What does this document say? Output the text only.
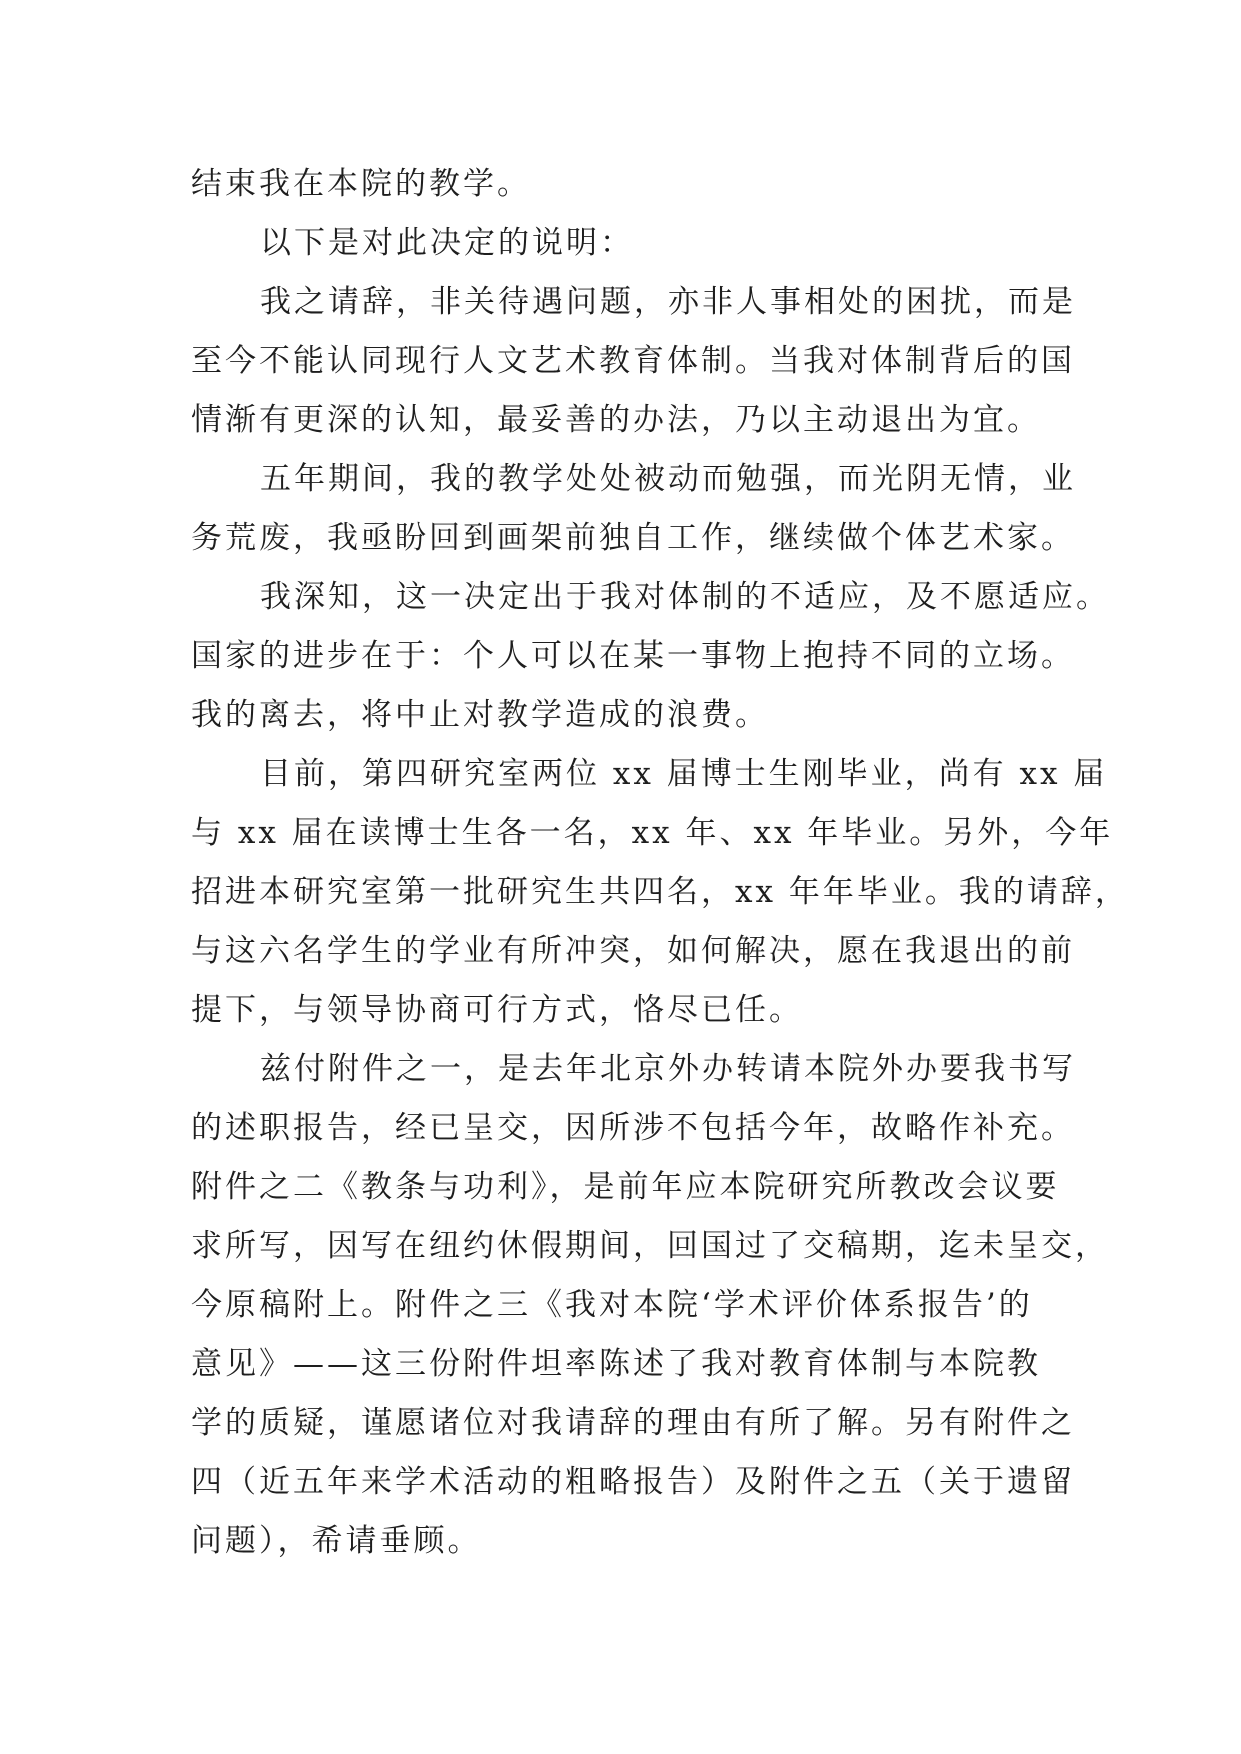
结束我在本院的教学。
以下是对此决定的说明：
我之请辞，非关待遇问题，亦非人事相处的困扰，而是
至今不能认同现行人文艺术教育体制。当我对体制背后的国
情渐有更深的认知，最妥善的办法，乃以主动退出为宜。
五年期间，我的教学处处被动而勉强，而光阴无情，业
务荒废，我亟盼回到画架前独自工作，继续做个体艺术家。
我深知，这一决定出于我对体制的不适应，及不愿适应。
国家的进步在于：个人可以在某一事物上抱持不同的立场。
我的离去，将中止对教学造成的浪费。
目前，第四研究室两位 xx 届博士生刚毕业，尚有 xx 届
与 xx 届在读博士生各一名，xx 年、xx 年毕业。另外，今年
招进本研究室第一批研究生共四名，xx 年年毕业。我的请辞，
与这六名学生的学业有所冲突，如何解决，愿在我退出的前
提下，与领导协商可行方式，恪尽已任。
兹付附件之一，是去年北京外办转请本院外办要我书写
的述职报告，经已呈交，因所涉不包括今年，故略作补充。
附件之二《教条与功利》，是前年应本院研究所教改会议要
求所写，因写在纽约休假期间，回国过了交稿期，迄未呈交，
今原稿附上。附件之三《我对本院‘学术评价体系报告’的
意见》——这三份附件坦率陈述了我对教育体制与本院教
学的质疑，谨愿诸位对我请辞的理由有所了解。另有附件之
四（近五年来学术活动的粗略报告）及附件之五（关于遗留
问题），希请垂顾。
